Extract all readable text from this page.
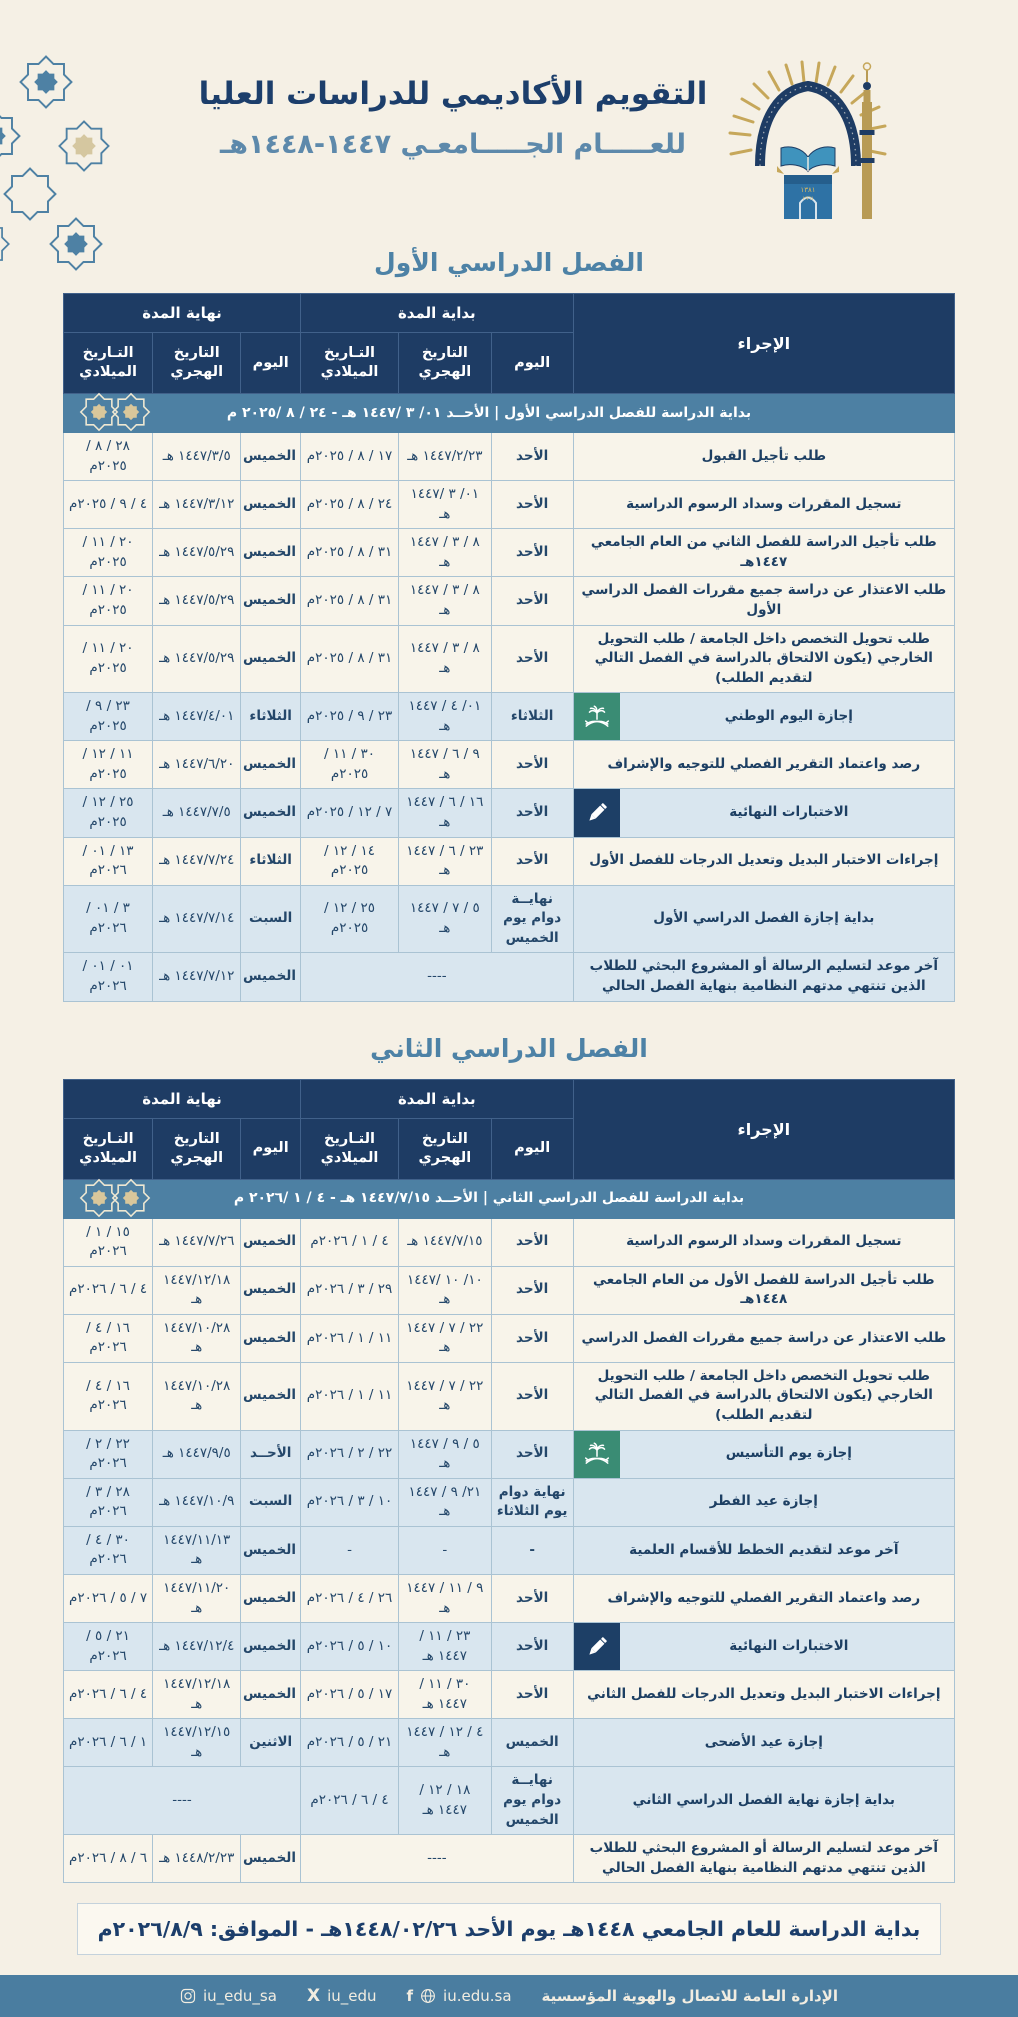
التقويم الأكاديمي للدراسات العليا
للعـــــام الجـــــامعـي ١٤٤٧-١٤٤٨هـ
١٣٨١
١٩٦١
الفصل الدراسي الأول
الإجراء	بداية المدة			نهاية المدة		
	اليوم	التاريخ الهجري	التـاريخ الميلادي	اليوم	التاريخ الهجري	التـاريخ الميلادي
بداية الدراسة للفصل الدراسي الأول | الأحــد ٠١/ ٣ /١٤٤٧ هـ - ٢٤ / ٨ /٢٠٢٥ م						

طلب تأجيل القبول	الأحد	١٤٤٧/٢/٢٣ هـ	١٧ / ٨ / ٢٠٢٥م	الخميس	١٤٤٧/٣/٥ هـ	٢٨ / ٨ / ٢٠٢٥م
تسجيل المقررات وسداد الرسوم الدراسية	الأحد	٠١/ ٣ /١٤٤٧ هـ	٢٤ / ٨ / ٢٠٢٥م	الخميس	١٤٤٧/٣/١٢ هـ	٤ / ٩ / ٢٠٢٥م
طلب تأجيل الدراسة للفصل الثاني من العام الجامعي ١٤٤٧هـ	الأحد	٨ / ٣ / ١٤٤٧ هـ	٣١ / ٨ / ٢٠٢٥م	الخميس	١٤٤٧/٥/٢٩ هـ	٢٠ / ١١ / ٢٠٢٥م
طلب الاعتذار عن دراسة جميع مقررات الفصل الدراسي الأول	الأحد	٨ / ٣ / ١٤٤٧ هـ	٣١ / ٨ / ٢٠٢٥م	الخميس	١٤٤٧/٥/٢٩ هـ	٢٠ / ١١ / ٢٠٢٥م
طلب تحويل التخصص داخل الجامعة / طلب التحويل الخارجي (يكون الالتحاق بالدراسة في الفصل التالي لتقديم الطلب)	الأحد	٨ / ٣ / ١٤٤٧ هـ	٣١ / ٨ / ٢٠٢٥م	الخميس	١٤٤٧/٥/٢٩ هـ	٢٠ / ١١ / ٢٠٢٥م
إجازة اليوم الوطني	الثلاثاء	٠١/ ٤ / ١٤٤٧ هـ	٢٣ / ٩ / ٢٠٢٥م	الثلاثاء	١٤٤٧/٤/٠١ هـ	٢٣ / ٩ / ٢٠٢٥م
رصد واعتماد التقرير الفصلي للتوجيه والإشراف	الأحد	٩ / ٦ / ١٤٤٧ هـ	٣٠ / ١١ / ٢٠٢٥م	الخميس	١٤٤٧/٦/٢٠ هـ	١١ / ١٢ / ٢٠٢٥م
الاختبارات النهائية	الأحد	١٦ / ٦ / ١٤٤٧ هـ	٧ / ١٢ / ٢٠٢٥م	الخميس	١٤٤٧/٧/٥ هـ	٢٥ / ١٢ / ٢٠٢٥م
إجراءات الاختبار البديل وتعديل الدرجات للفصل الأول	الأحد	٢٣ / ٦ / ١٤٤٧ هـ	١٤ / ١٢ / ٢٠٢٥م	الثلاثاء	١٤٤٧/٧/٢٤ هـ	١٣ / ٠١ / ٢٠٢٦م
بداية إجازة الفصل الدراسي الأول	نهايــة دوام يوم الخميس	٥ / ٧ / ١٤٤٧ هـ	٢٥ / ١٢ / ٢٠٢٥م	السبت	١٤٤٧/٧/١٤ هـ	٣ / ٠١ / ٢٠٢٦م
آخر موعد لتسليم الرسالة أو المشروع البحثي للطلاب الذين تنتهي مدتهم النظامية بنهاية الفصل الحالي	----			الخميس	١٤٤٧/٧/١٢ هـ	٠١ / ٠١ / ٢٠٢٦م
الفصل الدراسي الثاني
الإجراء	بداية المدة			نهاية المدة		
	اليوم	التاريخ الهجري	التـاريخ الميلادي	اليوم	التاريخ الهجري	التـاريخ الميلادي
بداية الدراسة للفصل الدراسي الثاني | الأحــد ١٤٤٧/٧/١٥ هـ - ٤ / ١ /٢٠٢٦ م						

تسجيل المقررات وسداد الرسوم الدراسية	الأحد	١٤٤٧/٧/١٥ هـ	٤ / ١ / ٢٠٢٦م	الخميس	١٤٤٧/٧/٢٦ هـ	١٥ / ١ / ٢٠٢٦م
طلب تأجيل الدراسة للفصل الأول من العام الجامعي ١٤٤٨هـ	الأحد	١٠/ ١٠ /١٤٤٧ هـ	٢٩ / ٣ / ٢٠٢٦م	الخميس	١٤٤٧/١٢/١٨ هـ	٤ / ٦ / ٢٠٢٦م
طلب الاعتذار عن دراسة جميع مقررات الفصل الدراسي	الأحد	٢٢ / ٧ / ١٤٤٧ هـ	١١ / ١ / ٢٠٢٦م	الخميس	١٤٤٧/١٠/٢٨ هـ	١٦ / ٤ / ٢٠٢٦م
طلب تحويل التخصص داخل الجامعة / طلب التحويل الخارجي (يكون الالتحاق بالدراسة في الفصل التالي لتقديم الطلب)	الأحد	٢٢ / ٧ / ١٤٤٧ هـ	١١ / ١ / ٢٠٢٦م	الخميس	١٤٤٧/١٠/٢٨ هـ	١٦ / ٤ / ٢٠٢٦م
إجازة يوم التأسيس	الأحد	٥ / ٩ / ١٤٤٧ هـ	٢٢ / ٢ / ٢٠٢٦م	الأحــد	١٤٤٧/٩/٥ هـ	٢٢ / ٢ / ٢٠٢٦م
إجازة عيد الفطر	نهاية دوام يوم الثلاثاء	٢١/ ٩ / ١٤٤٧ هـ	١٠ / ٣ / ٢٠٢٦م	السبت	١٤٤٧/١٠/٩ هـ	٢٨ / ٣ / ٢٠٢٦م
آخر موعد لتقديم الخطط للأقسام العلمية	-	-	-	الخميس	١٤٤٧/١١/١٣ هـ	٣٠ / ٤ / ٢٠٢٦م
رصد واعتماد التقرير الفصلي للتوجيه والإشراف	الأحد	٩ / ١١ / ١٤٤٧ هـ	٢٦ / ٤ / ٢٠٢٦م	الخميس	١٤٤٧/١١/٢٠ هـ	٧ / ٥ / ٢٠٢٦م
الاختبارات النهائية	الأحد	٢٣ / ١١ / ١٤٤٧ هـ	١٠ / ٥ / ٢٠٢٦م	الخميس	١٤٤٧/١٢/٤ هـ	٢١ / ٥ / ٢٠٢٦م
إجراءات الاختبار البديل وتعديل الدرجات للفصل الثاني	الأحد	٣٠ / ١١ / ١٤٤٧ هـ	١٧ / ٥ / ٢٠٢٦م	الخميس	١٤٤٧/١٢/١٨ هـ	٤ / ٦ / ٢٠٢٦م
إجازة عيد الأضحى	الخميس	٤ / ١٢ / ١٤٤٧ هـ	٢١ / ٥ / ٢٠٢٦م	الاثنين	١٤٤٧/١٢/١٥ هـ	١ / ٦ / ٢٠٢٦م
بداية إجازة نهاية الفصل الدراسي الثاني	نهايــة دوام يوم الخميس	١٨ / ١٢ / ١٤٤٧ هـ	٤ / ٦ / ٢٠٢٦م	----		
آخر موعد لتسليم الرسالة أو المشروع البحثي للطلاب الذين تنتهي مدتهم النظامية بنهاية الفصل الحالي	----			الخميس	١٤٤٨/٢/٢٣ هـ	٦ / ٨ / ٢٠٢٦م
بداية الدراسة للعام الجامعي ١٤٤٨هـ يوم الأحد ١٤٤٨/٠٢/٢٦هـ - الموافق: ٢٠٢٦/٨/٩م
الإدارة العامة للاتصال والهوية المؤسسية
f iu.edu.sa
X iu_edu
iu_edu_sa
